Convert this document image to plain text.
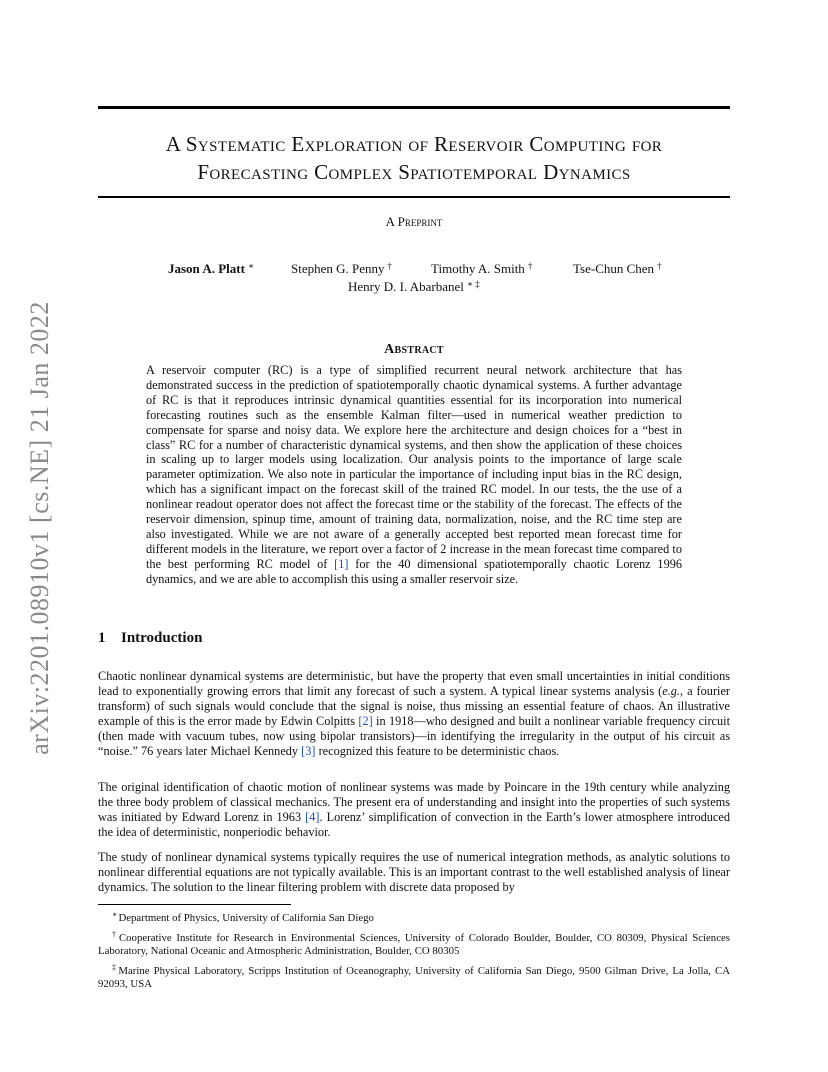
arXiv:2201.08910v1 [cs.NE] 21 Jan 2022
A Systematic Exploration of Reservoir Computing for
Forecasting Complex Spatiotemporal Dynamics
A Preprint
Jason A. Platt ∗	Stephen G. Penny †	Timothy A. Smith †	Tse-Chun Chen †
Henry D. I. Abarbanel ∗ ‡
Abstract

A reservoir computer (RC) is a type of simplified recurrent neural network architecture that has demonstrated success in the prediction of spatiotemporally chaotic dynamical systems. A further advantage of RC is that it reproduces intrinsic dynamical quantities essential for its incorporation into numerical forecasting routines such as the ensemble Kalman filter—used in numerical weather prediction to compensate for sparse and noisy data. We explore here the architecture and design choices for a “best in class” RC for a number of characteristic dynamical systems, and then show the application of these choices in scaling up to larger models using localization. Our analysis points to the importance of large scale parameter optimization. We also note in particular the importance of including input bias in the RC design, which has a significant impact on the forecast skill of the trained RC model. In our tests, the the use of a nonlinear readout operator does not affect the forecast time or the stability of the forecast. The effects of the reservoir dimension, spinup time, amount of training data, normalization, noise, and the RC time step are also investigated. While we are not aware of a generally accepted best reported mean forecast time for different models in the literature, we report over a factor of 2 increase in the mean forecast time compared to the best performing RC model of [1] for the 40 dimensional spatiotemporally chaotic Lorenz 1996 dynamics, and we are able to accomplish this using a smaller reservoir size.

1 Introduction

Chaotic nonlinear dynamical systems are deterministic, but have the property that even small uncertainties in initial conditions lead to exponentially growing errors that limit any forecast of such a system. A typical linear systems analysis (e.g., a fourier transform) of such signals would conclude that the signal is noise, thus missing an essential feature of chaos. An illustrative example of this is the error made by Edwin Colpitts [2] in 1918—who designed and built a nonlinear variable frequency circuit (then made with vacuum tubes, now using bipolar transistors)—in identifying the irregularity in the output of his circuit as “noise.” 76 years later Michael Kennedy [3] recognized this feature to be deterministic chaos.

The original identification of chaotic motion of nonlinear systems was made by Poincare in the 19th century while analyzing the three body problem of classical mechanics. The present era of understanding and insight into the properties of such systems was initiated by Edward Lorenz in 1963 [4]. Lorenz’ simplification of convection in the Earth’s lower atmosphere introduced the idea of deterministic, nonperiodic behavior.

The study of nonlinear dynamical systems typically requires the use of numerical integration methods, as analytic solutions to nonlinear differential equations are not typically available. This is an important contrast to the well established analysis of linear dynamics. The solution to the linear filtering problem with discrete data proposed by

∗Department of Physics, University of California San Diego

†Cooperative Institute for Research in Environmental Sciences, University of Colorado Boulder, Boulder, CO 80309, Physical Sciences Laboratory, National Oceanic and Atmospheric Administration, Boulder, CO 80305

‡Marine Physical Laboratory, Scripps Institution of Oceanography, University of California San Diego, 9500 Gilman Drive, La Jolla, CA 92093, USA
